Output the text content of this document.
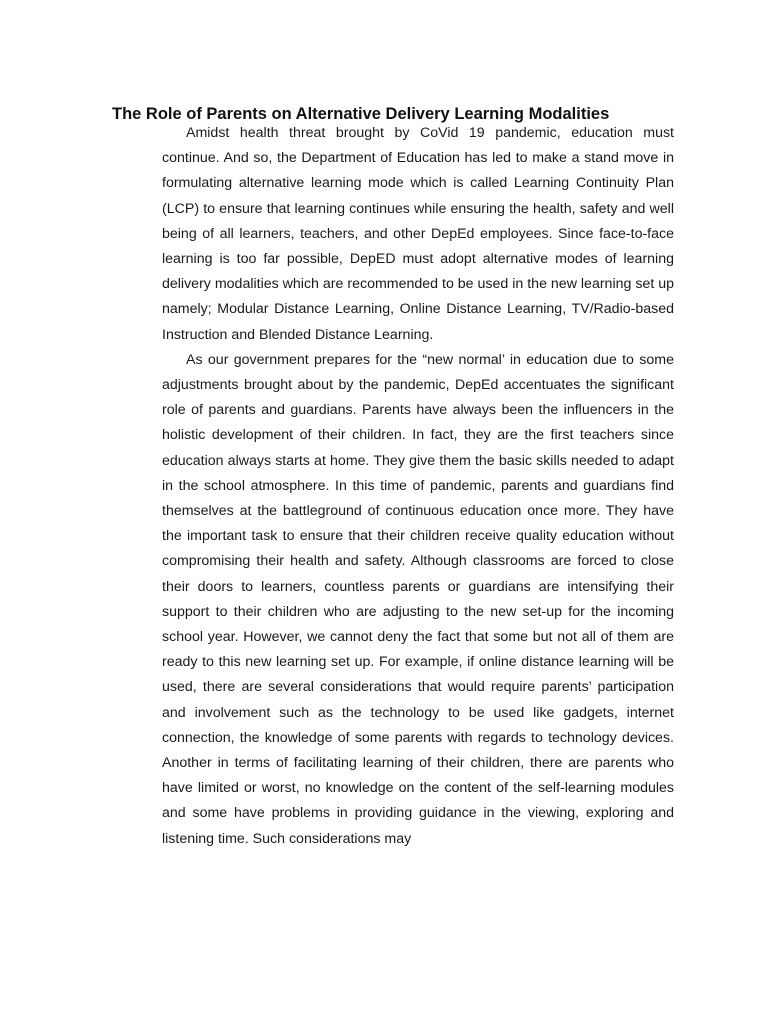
The Role of Parents on Alternative Delivery Learning Modalities

Amidst health threat brought by CoVid 19 pandemic, education must continue. And so, the Department of Education has led to make a stand move in formulating alternative learning mode which is called Learning Continuity Plan (LCP) to ensure that learning continues while ensuring the health, safety and well being of all learners, teachers, and other DepEd employees. Since face-to-face learning is too far possible, DepED must adopt alternative modes of learning delivery modalities which are recommended to be used in the new learning set up namely; Modular Distance Learning, Online Distance Learning, TV/Radio-based Instruction and Blended Distance Learning.

As our government prepares for the “new normal’ in education due to some adjustments brought about by the pandemic, DepEd accentuates the significant role of parents and guardians. Parents have always been the influencers in the holistic development of their children. In fact, they are the first teachers since education always starts at home. They give them the basic skills needed to adapt in the school atmosphere. In this time of pandemic, parents and guardians find themselves at the battleground of continuous education once more. They have the important task to ensure that their children receive quality education without compromising their health and safety. Although classrooms are forced to close their doors to learners, countless parents or guardians are intensifying their support to their children who are adjusting to the new set-up for the incoming school year. However, we cannot deny the fact that some but not all of them are ready to this new learning set up. For example, if online distance learning will be used, there are several considerations that would require parents’ participation and involvement such as the technology to be used like gadgets, internet connection, the knowledge of some parents with regards to technology devices. Another in terms of facilitating learning of their children, there are parents who have limited or worst, no knowledge on the content of the self-learning modules and some have problems in providing guidance in the viewing, exploring and listening time. Such considerations may
